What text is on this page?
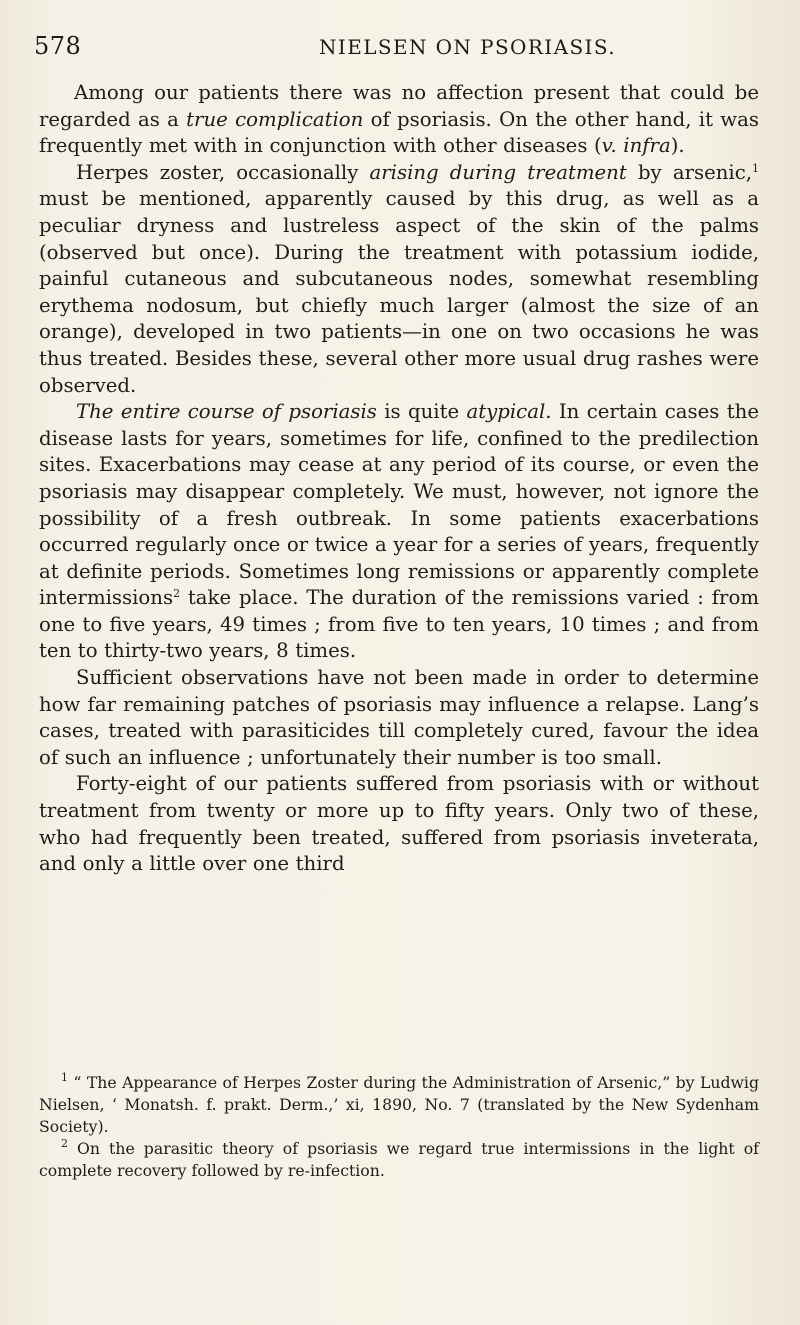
578	NIELSEN ON PSORIASIS.

Among our patients there was no affection present that could be regarded as a true complication of psoriasis. On the other hand, it was frequently met with in conjunction with other diseases (v. infra).

Herpes zoster, occasionally arising during treatment by arsenic,$^1$ must be mentioned, apparently caused by this drug, as well as a peculiar dryness and lustreless aspect of the skin of the palms (observed but once). During the treatment with potassium iodide, painful cutaneous and subcutaneous nodes, somewhat resembling erythema nodosum, but chiefly much larger (almost the size of an orange), developed in two patients—in one on two occasions he was thus treated. Besides these, several other more usual drug rashes were observed.

The entire course of psoriasis is quite atypical. In certain cases the disease lasts for years, sometimes for life, confined to the predilection sites. Exacerbations may cease at any period of its course, or even the psoriasis may disappear completely. We must, however, not ignore the possibility of a fresh outbreak. In some patients exacerbations occurred regularly once or twice a year for a series of years, frequently at definite periods. Sometimes long remissions or apparently complete intermissions$^2$ take place. The duration of the remissions varied : from one to five years, 49 times ; from five to ten years, 10 times ; and from ten to thirty-two years, 8 times.

Sufficient observations have not been made in order to determine how far remaining patches of psoriasis may influence a relapse. Lang’s cases, treated with parasiticides till completely cured, favour the idea of such an influence ; unfortunately their number is too small.

Forty-eight of our patients suffered from psoriasis with or without treatment from twenty or more up to fifty years. Only two of these, who had frequently been treated, suffered from psoriasis inveterata, and only a little over one third

$^1$ “ The Appearance of Herpes Zoster during the Administration of Arsenic,” by Ludwig Nielsen, ‘ Monatsh. f. prakt. Derm.,’ xi, 1890, No. 7 (translated by the New Sydenham Society).

$^2$ On the parasitic theory of psoriasis we regard true intermissions in the light of complete recovery followed by re-infection.
